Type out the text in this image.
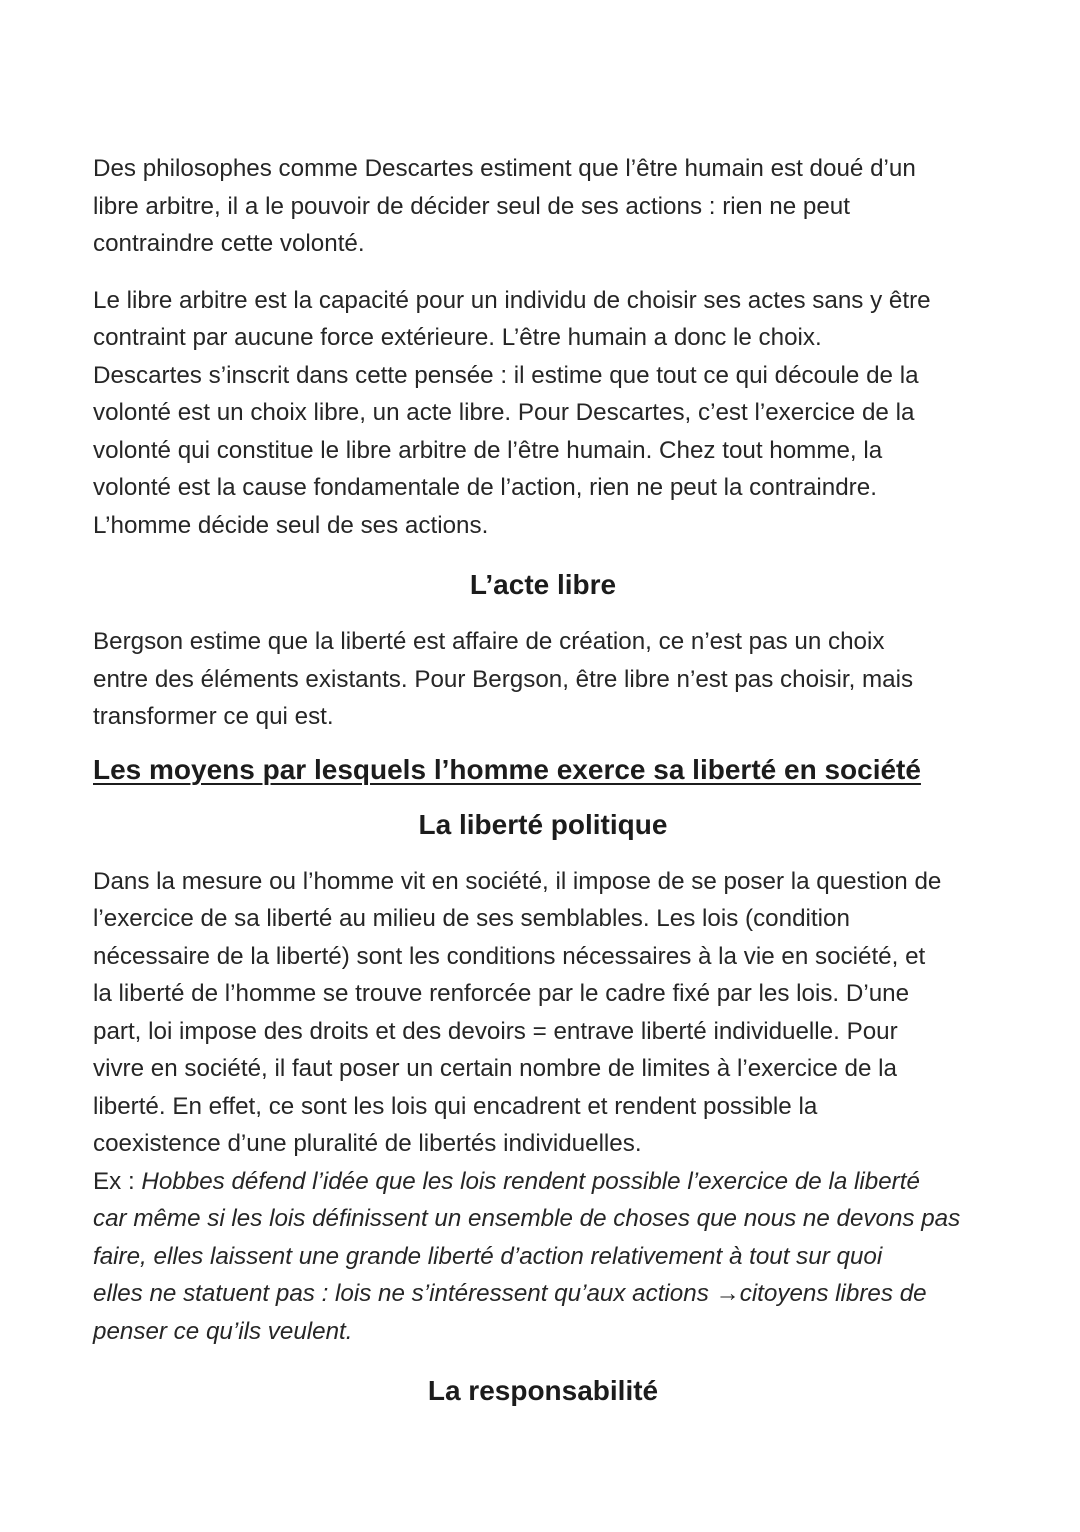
Des philosophes comme Descartes estiment que l’être humain est doué d’un
libre arbitre, il a le pouvoir de décider seul de ses actions : rien ne peut
contraindre cette volonté.

Le libre arbitre est la capacité pour un individu de choisir ses actes sans y être
contraint par aucune force extérieure. L’être humain a donc le choix.
Descartes s’inscrit dans cette pensée : il estime que tout ce qui découle de la
volonté est un choix libre, un acte libre. Pour Descartes, c’est l’exercice de la
volonté qui constitue le libre arbitre de l’être humain. Chez tout homme, la
volonté est la cause fondamentale de l’action, rien ne peut la contraindre.
L’homme décide seul de ses actions.

L’acte libre

Bergson estime que la liberté est affaire de création, ce n’est pas un choix
entre des éléments existants. Pour Bergson, être libre n’est pas choisir, mais
transformer ce qui est.

Les moyens par lesquels l’homme exerce sa liberté en société
La liberté politique

Dans la mesure ou l’homme vit en société, il impose de se poser la question de
l’exercice de sa liberté au milieu de ses semblables. Les lois (condition
nécessaire de la liberté) sont les conditions nécessaires à la vie en société, et
la liberté de l’homme se trouve renforcée par le cadre fixé par les lois. D’une
part, loi impose des droits et des devoirs = entrave liberté individuelle. Pour
vivre en société, il faut poser un certain nombre de limites à l’exercice de la
liberté. En effet, ce sont les lois qui encadrent et rendent possible la
coexistence d’une pluralité de libertés individuelles.

Ex : Hobbes défend l’idée que les lois rendent possible l’exercice de la liberté
car même si les lois définissent un ensemble de choses que nous ne devons pas
faire, elles laissent une grande liberté d’action relativement à tout sur quoi
elles ne statuent pas : lois ne s’intéressent qu’aux actions →citoyens libres de
penser ce qu’ils veulent.

La responsabilité
